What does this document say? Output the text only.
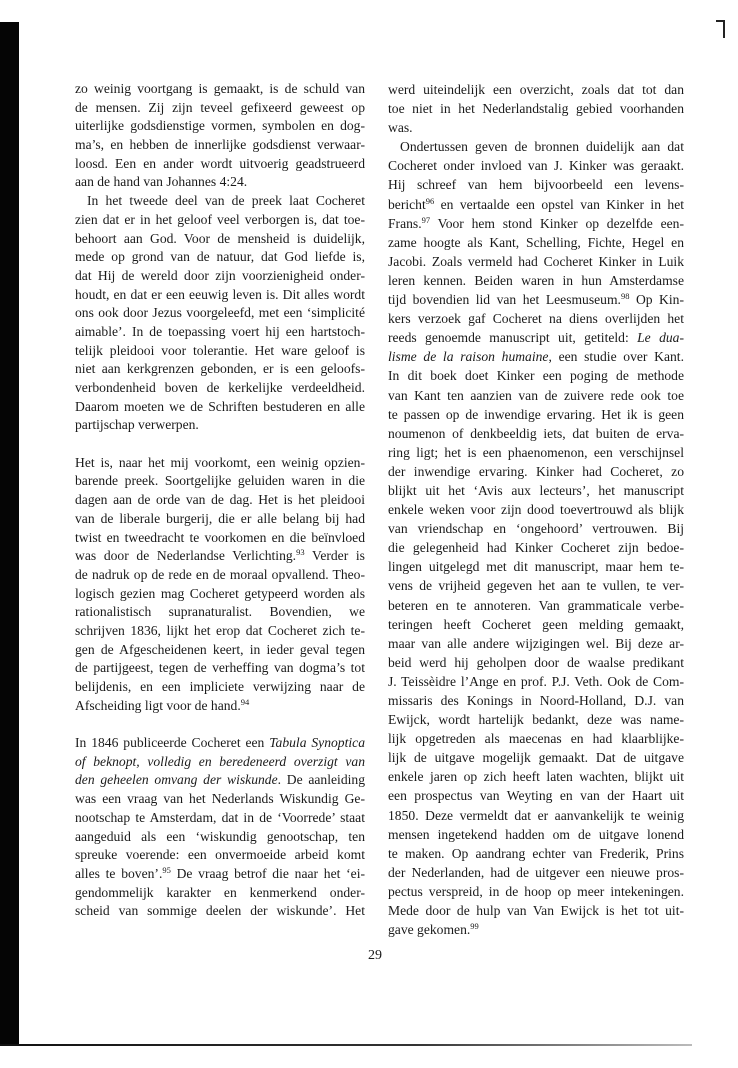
zo weinig voortgang is gemaakt, is de schuld van
de mensen. Zij zijn teveel gefixeerd geweest op
uiterlijke godsdienstige vormen, symbolen en dog-
ma’s, en hebben de innerlijke godsdienst verwaar-
loosd. Een en ander wordt uitvoerig geadstrueerd
aan de hand van Johannes 4:24.
In het tweede deel van de preek laat Cocheret
zien dat er in het geloof veel verborgen is, dat toe-
behoort aan God. Voor de mensheid is duidelijk,
mede op grond van de natuur, dat God liefde is,
dat Hij de wereld door zijn voorzienigheid onder-
houdt, en dat er een eeuwig leven is. Dit alles wordt
ons ook door Jezus voorgeleefd, met een ‘simplicité
aimable’. In de toepassing voert hij een hartstoch-
telijk pleidooi voor tolerantie. Het ware geloof is
niet aan kerkgrenzen gebonden, er is een geloofs-
verbondenheid boven de kerkelijke verdeeldheid.
Daarom moeten we de Schriften bestuderen en alle
partijschap verwerpen.
Het is, naar het mij voorkomt, een weinig opzien-
barende preek. Soortgelijke geluiden waren in die
dagen aan de orde van de dag. Het is het pleidooi
van de liberale burgerij, die er alle belang bij had
twist en tweedracht te voorkomen en die beïnvloed
was door de Nederlandse Verlichting.$^{93}$ Verder is
de nadruk op de rede en de moraal opvallend. Theo-
logisch gezien mag Cocheret getypeerd worden als
rationalistisch supranaturalist. Bovendien, we
schrijven 1836, lijkt het erop dat Cocheret zich te-
gen de Afgescheidenen keert, in ieder geval tegen
de partijgeest, tegen de verheffing van dogma’s tot
belijdenis, en een impliciete verwijzing naar de
Afscheiding ligt voor de hand.$^{94}$
In 1846 publiceerde Cocheret een Tabula Synoptica
of beknopt, volledig en beredeneerd overzigt van
den geheelen omvang der wiskunde. De aanleiding
was een vraag van het Nederlands Wiskundig Ge-
nootschap te Amsterdam, dat in de ‘Voorrede’ staat
aangeduid als een ‘wiskundig genootschap, ten
spreuke voerende: een onvermoeide arbeid komt
alles te boven’.$^{95}$ De vraag betrof die naar het ‘ei-
gendommelijk karakter en kenmerkend onder-
scheid van sommige deelen der wiskunde’. Het
werd uiteindelijk een overzicht, zoals dat tot dan
toe niet in het Nederlandstalig gebied voorhanden
was.
Ondertussen geven de bronnen duidelijk aan dat
Cocheret onder invloed van J. Kinker was geraakt.
Hij schreef van hem bijvoorbeeld een levens-
bericht$^{96}$ en vertaalde een opstel van Kinker in het
Frans.$^{97}$ Voor hem stond Kinker op dezelfde een-
zame hoogte als Kant, Schelling, Fichte, Hegel en
Jacobi. Zoals vermeld had Cocheret Kinker in Luik
leren kennen. Beiden waren in hun Amsterdamse
tijd bovendien lid van het Leesmuseum.$^{98}$ Op Kin-
kers verzoek gaf Cocheret na diens overlijden het
reeds genoemde manuscript uit, getiteld: Le dua-
lisme de la raison humaine, een studie over Kant.
In dit boek doet Kinker een poging de methode
van Kant ten aanzien van de zuivere rede ook toe
te passen op de inwendige ervaring. Het ik is geen
noumenon of denkbeeldig iets, dat buiten de erva-
ring ligt; het is een phaenomenon, een verschijnsel
der inwendige ervaring. Kinker had Cocheret, zo
blijkt uit het ‘Avis aux lecteurs’, het manuscript
enkele weken voor zijn dood toevertrouwd als blijk
van vriendschap en ‘ongehoord’ vertrouwen. Bij
die gelegenheid had Kinker Cocheret zijn bedoe-
lingen uitgelegd met dit manuscript, maar hem te-
vens de vrijheid gegeven het aan te vullen, te ver-
beteren en te annoteren. Van grammaticale verbe-
teringen heeft Cocheret geen melding gemaakt,
maar van alle andere wijzigingen wel. Bij deze ar-
beid werd hij geholpen door de waalse predikant
J. Teissèidre l’Ange en prof. P.J. Veth. Ook de Com-
missaris des Konings in Noord-Holland, D.J. van
Ewijck, wordt hartelijk bedankt, deze was name-
lijk opgetreden als maecenas en had klaarblijke-
lijk de uitgave mogelijk gemaakt. Dat de uitgave
enkele jaren op zich heeft laten wachten, blijkt uit
een prospectus van Weyting en van der Haart uit
1850. Deze vermeldt dat er aanvankelijk te weinig
mensen ingetekend hadden om de uitgave lonend
te maken. Op aandrang echter van Frederik, Prins
der Nederlanden, had de uitgever een nieuwe pros-
pectus verspreid, in de hoop op meer intekeningen.
Mede door de hulp van Van Ewijck is het tot uit-
gave gekomen.$^{99}$
29
